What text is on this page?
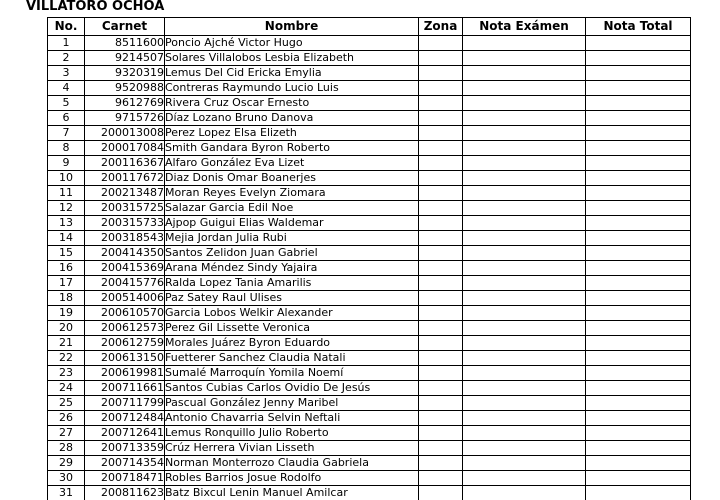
VILLATORO OCHOA
No.	Carnet	Nombre	Zona	Nota Exámen	Nota Total
1	8511600	Poncio Ajché Victor Hugo			
2	9214507	Solares Villalobos Lesbia Elizabeth			
3	9320319	Lemus Del Cid Ericka Emylia			
4	9520988	Contreras Raymundo Lucio Luis			
5	9612769	Rivera Cruz Oscar Ernesto			
6	9715726	Díaz Lozano Bruno Danova			
7	200013008	Perez Lopez Elsa Elizeth			
8	200017084	Smith Gandara Byron Roberto			
9	200116367	Alfaro González Eva Lizet			
10	200117672	Diaz Donis Omar Boanerjes			
11	200213487	Moran Reyes Evelyn Ziomara			
12	200315725	Salazar Garcia Edil Noe			
13	200315733	Ajpop Guigui Elias Waldemar			
14	200318543	Mejia Jordan Julia Rubi			
15	200414350	Santos Zelidon Juan Gabriel			
16	200415369	Arana Méndez Sindy Yajaira			
17	200415776	Ralda Lopez Tania Amarilis			
18	200514006	Paz Satey Raul Ulises			
19	200610570	Garcia Lobos Welkir Alexander			
20	200612573	Perez Gil Lissette Veronica			
21	200612759	Morales Juárez Byron Eduardo			
22	200613150	Fuetterer Sanchez Claudia Natali			
23	200619981	Sumalé Marroquín Yomila Noemí			
24	200711661	Santos Cubias Carlos Ovidio De Jesús			
25	200711799	Pascual González Jenny Maribel			
26	200712484	Antonio Chavarria Selvin Neftali			
27	200712641	Lemus Ronquillo Julio Roberto			
28	200713359	Crúz Herrera Vivian Lisseth			
29	200714354	Norman Monterrozo Claudia Gabriela			
30	200718471	Robles Barrios Josue Rodolfo			
31	200811623	Batz Bixcul Lenin Manuel Amilcar			
